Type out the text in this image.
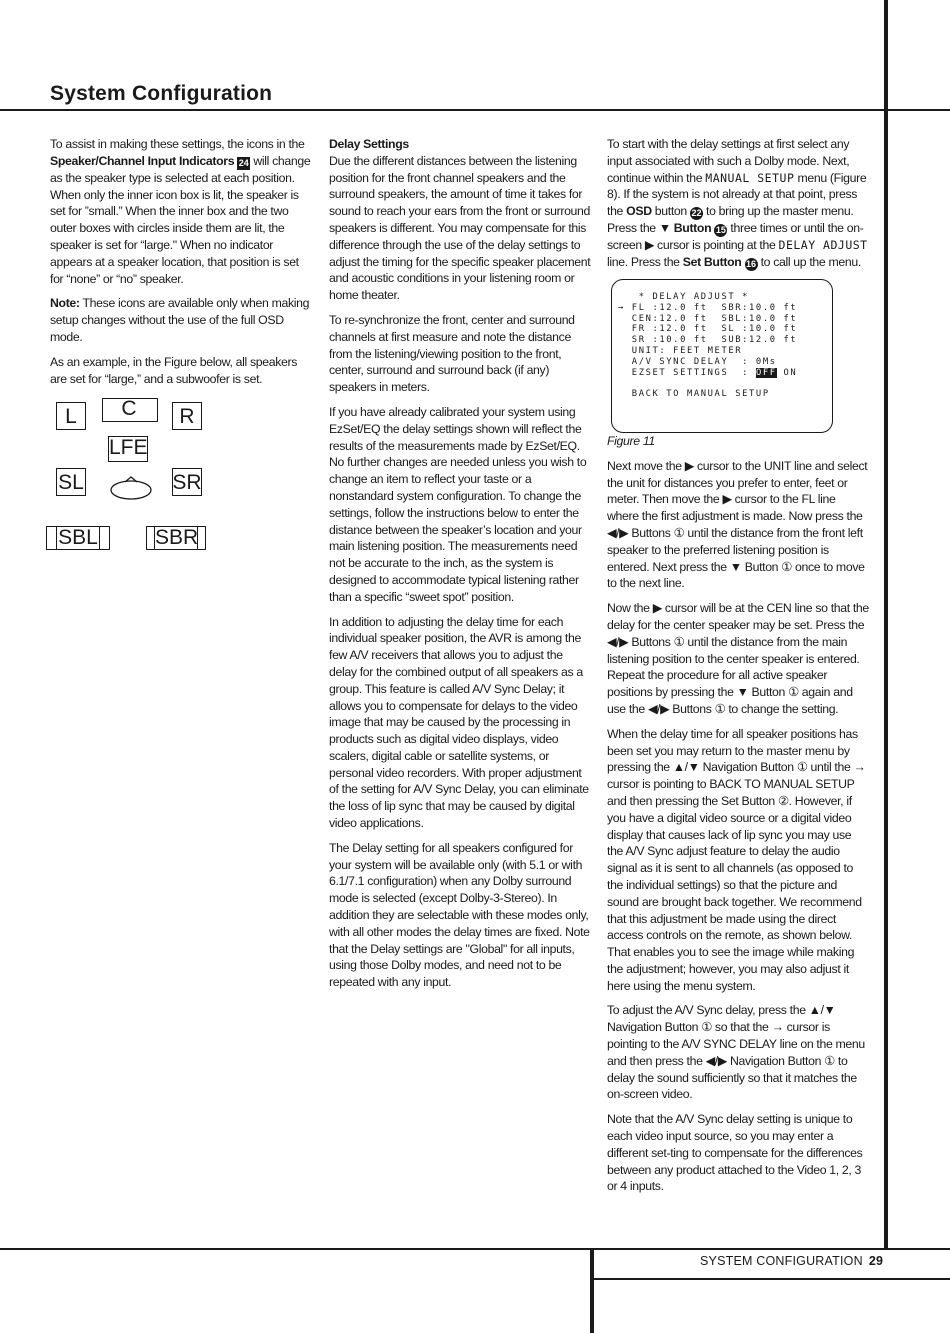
System Configuration

To assist in making these settings, the icons in the Speaker/Channel Input Indicators 24 will change as the speaker type is selected at each position. When only the inner icon box is lit, the speaker is set for ”small.” When the inner box and the two outer boxes with circles inside them are lit, the speaker is set for “large." When no indicator appears at a speaker location, that position is set for “none” or “no” speaker.

Note: These icons are available only when making setup changes without the use of the full OSD mode.

As an example, in the Figure below, all speakers are set for “large,” and a subwoofer is set.

L	C	R
LFE
SL	SR
SBL	SBR

Delay Settings

Due the different distances between the listening position for the front channel speakers and the surround speakers, the amount of time it takes for sound to reach your ears from the front or surround speakers is different. You may compensate for this difference through the use of the delay settings to adjust the timing for the specific speaker placement and acoustic conditions in your listening room or home theater.

To re-synchronize the front, center and surround channels at first measure and note the distance from the listening/viewing position to the front, center, surround and surround back (if any) speakers in meters.

If you have already calibrated your system using EzSet/EQ the delay settings shown will reflect the results of the measurements made by EzSet/EQ. No further changes are needed unless you wish to change an item to reflect your taste or a nonstandard system configuration. To change the settings, follow the instructions below to enter the distance between the speaker’s location and your main listening position. The measurements need not be accurate to the inch, as the system is designed to accommodate typical listening rather than a specific “sweet spot” position.

In addition to adjusting the delay time for each individual speaker position, the AVR is among the few A/V receivers that allows you to adjust the delay for the combined output of all speakers as a group. This feature is called A/V Sync Delay; it allows you to compensate for delays to the video image that may be caused by the processing in products such as digital video displays, video scalers, digital cable or satellite systems, or personal video recorders. With proper adjustment of the setting for A/V Sync Delay, you can eliminate the loss of lip sync that may be caused by digital video applications.

The Delay setting for all speakers configured for your system will be available only (with 5.1 or with 6.1/7.1 configuration) when any Dolby surround mode is selected (except Dolby-3-Stereo). In addition they are selectable with these modes only, with all other modes the delay times are fixed. Note that the Delay settings are "Global" for all inputs, using those Dolby modes, and need not to be repeated with any input.

To start with the delay settings at first select any input associated with such a Dolby mode. Next, continue within the MANUAL SETUP menu (Figure 8). If the system is not already at that point, press the OSD button 22 to bring up the master menu. Press the ▼ Button 15 three times or until the on-screen ▶ cursor is pointing at the DELAY ADJUST line. Press the Set Button 16 to call up the menu.

* DELAY ADJUST *
→ FL :12.0 ft  SBR:10.0 ft
CEN:12.0 ft  SBL:10.0 ft
FR :12.0 ft  SL :10.0 ft
SR :10.0 ft  SUB:12.0 ft
UNIT: FEET METER
A/V SYNC DELAY  : 0Ms
EZSET SETTINGS  : OFF ON

BACK TO MANUAL SETUP

Figure 11

Next move the ▶ cursor to the UNIT line and select the unit for distances you prefer to enter, feet or meter. Then move the ▶ cursor to the FL line where the first adjustment is made. Now press the ◀/▶ Buttons ① until the distance from the front left speaker to the preferred listening position is entered. Next press the ▼ Button ① once to move to the next line.

Now the ▶ cursor will be at the CEN line so that the delay for the center speaker may be set. Press the ◀/▶ Buttons ① until the distance from the main listening position to the center speaker is entered. Repeat the procedure for all active speaker positions by pressing the ▼ Button ① again and use the ◀/▶ Buttons ① to change the setting.

When the delay time for all speaker positions has been set you may return to the master menu by pressing the ▲/▼ Navigation Button ① until the → cursor is pointing to BACK TO MANUAL SETUP and then pressing the Set Button ②. However, if you have a digital video source or a digital video display that causes lack of lip sync you may use the A/V Sync adjust feature to delay the audio signal as it is sent to all channels (as opposed to the individual settings) so that the picture and sound are brought back together. We recommend that this adjustment be made using the direct access controls on the remote, as shown below. That enables you to see the image while making the adjustment; however, you may also adjust it here using the menu system.

To adjust the A/V Sync delay, press the ▲/▼ Navigation Button ① so that the → cursor is pointing to the A/V SYNC DELAY line on the menu and then press the ◀/▶ Navigation Button ① to delay the sound sufficiently so that it matches the on-screen video.

Note that the A/V Sync delay setting is unique to each video input source, so you may enter a different set-ting to compensate for the differences between any product attached to the Video 1, 2, 3 or 4 inputs.

SYSTEM CONFIGURATION 29
